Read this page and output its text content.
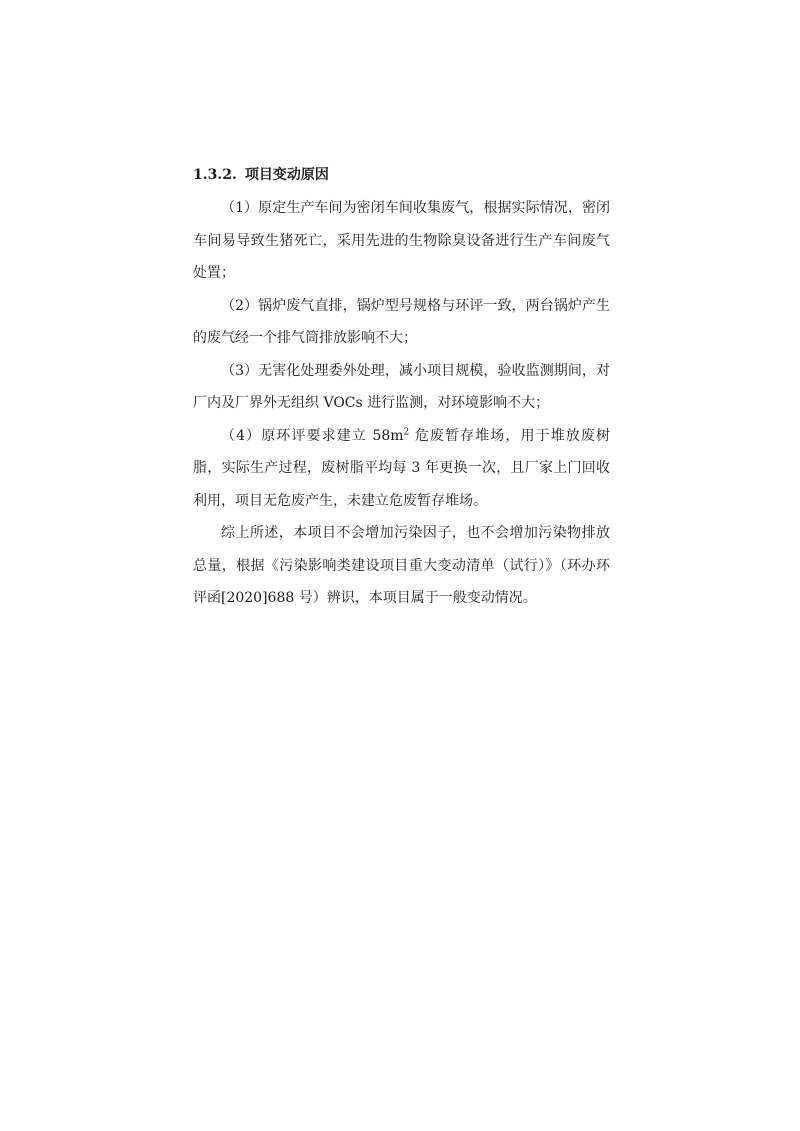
1.3.2. 项目变动原因

（1）原定生产车间为密闭车间收集废气，根据实际情况，密闭车间易导致生猪死亡，采用先进的生物除臭设备进行生产车间废气处置；

（2）锅炉废气直排，锅炉型号规格与环评一致，两台锅炉产生的废气经一个排气筒排放影响不大；

（3）无害化处理委外处理，减小项目规模，验收监测期间，对厂内及厂界外无组织 VOCs 进行监测，对环境影响不大；

（4）原环评要求建立 $58m^2$ 危废暂存堆场，用于堆放废树脂，实际生产过程，废树脂平均每 3 年更换一次，且厂家上门回收利用，项目无危废产生，未建立危废暂存堆场。

综上所述，本项目不会增加污染因子，也不会增加污染物排放总量，根据《污染影响类建设项目重大变动清单（试行）》（环办环评函[2020]688 号）辨识，本项目属于一般变动情况。
